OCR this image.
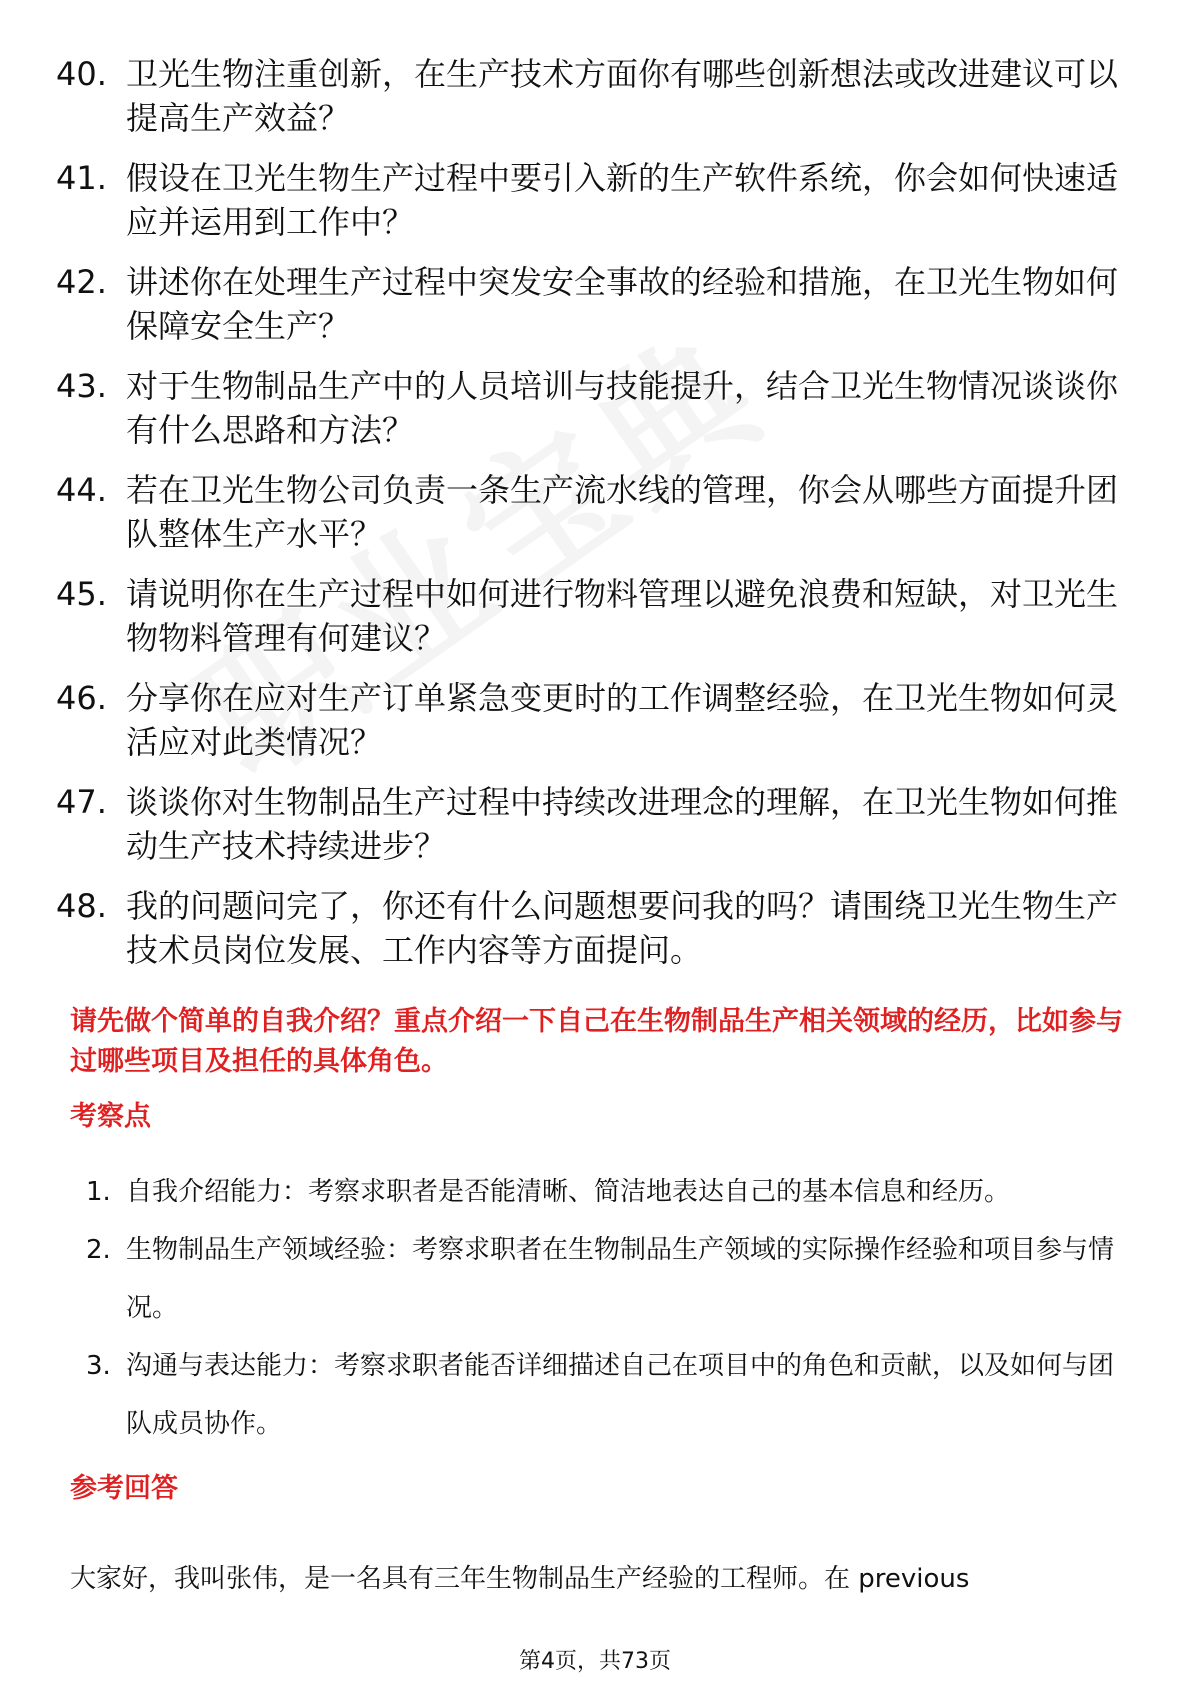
40. 卫光生物注重创新，在生产技术方面你有哪些创新想法或改进建议可以提高生产效益？
41. 假设在卫光生物生产过程中要引入新的生产软件系统，你会如何快速适应并运用到工作中？
42. 讲述你在处理生产过程中突发安全事故的经验和措施，在卫光生物如何保障安全生产？
43. 对于生物制品生产中的人员培训与技能提升，结合卫光生物情况谈谈你有什么思路和方法？
44. 若在卫光生物公司负责一条生产流水线的管理，你会从哪些方面提升团队整体生产水平？
45. 请说明你在生产过程中如何进行物料管理以避免浪费和短缺，对卫光生物物料管理有何建议？
46. 分享你在应对生产订单紧急变更时的工作调整经验，在卫光生物如何灵活应对此类情况？
47. 谈谈你对生物制品生产过程中持续改进理念的理解，在卫光生物如何推动生产技术持续进步？
48. 我的问题问完了，你还有什么问题想要问我的吗？请围绕卫光生物生产技术员岗位发展、工作内容等方面提问。
请先做个简单的自我介绍？重点介绍一下自己在生物制品生产相关领域的经历，比如参与过哪些项目及担任的具体角色。
考察点
1. 自我介绍能力：考察求职者是否能清晰、简洁地表达自己的基本信息和经历。
2. 生物制品生产领域经验：考察求职者在生物制品生产领域的实际操作经验和项目参与情况。
3. 沟通与表达能力：考察求职者能否详细描述自己在项目中的角色和贡献，以及如何与团队成员协作。
参考回答
大家好，我叫张伟，是一名具有三年生物制品生产经验的工程师。在 previous
第4页，共73页
